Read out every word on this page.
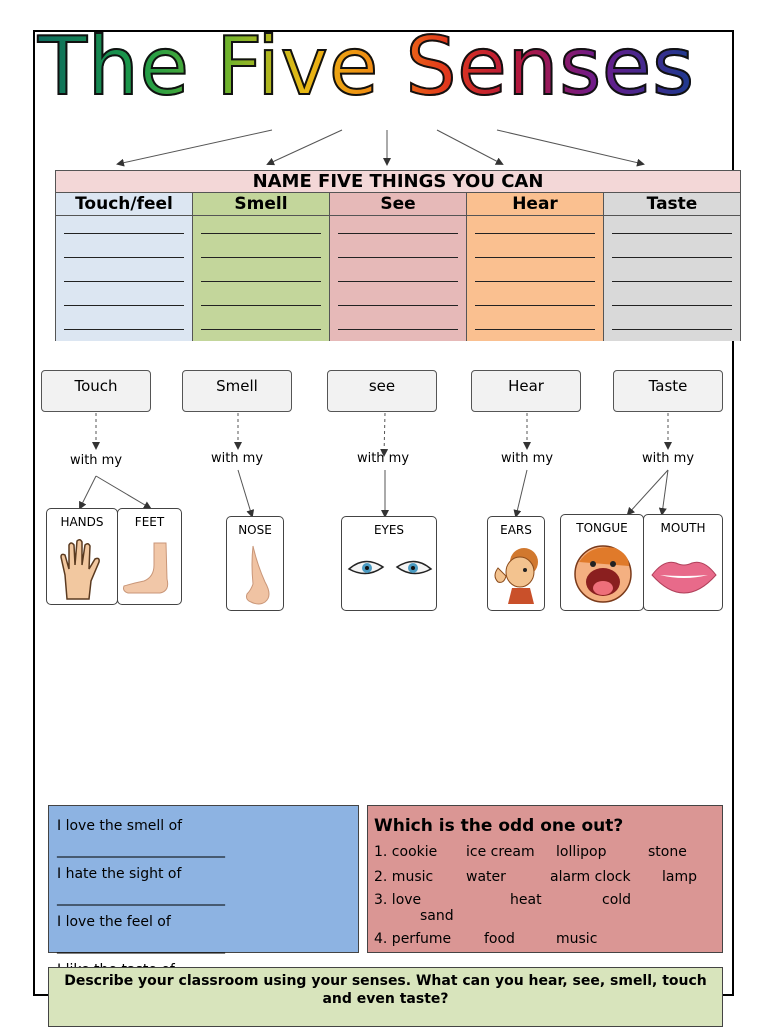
The Five Senses
NAME FIVE THINGS YOU CAN
Touch/feel	Smell	See	Hear	Taste
Touch	Smell	see	Hear	Taste
with my	with my	with my	with my	with my
HANDS	FEET
NOSE	EYES	EARS	TONGUE	MOUTH

I love the smell of

________________________

I hate the sight of

________________________

I love the feel of

________________________

Which is the odd one out?
1. cookie	ice cream	lollipop	stone
2. music	water	alarm clock	lamp
3. love	heat	cold
sand
4. perfume	food	music
Describe your classroom using your senses. What can you hear, see, smell, touch and even taste?
